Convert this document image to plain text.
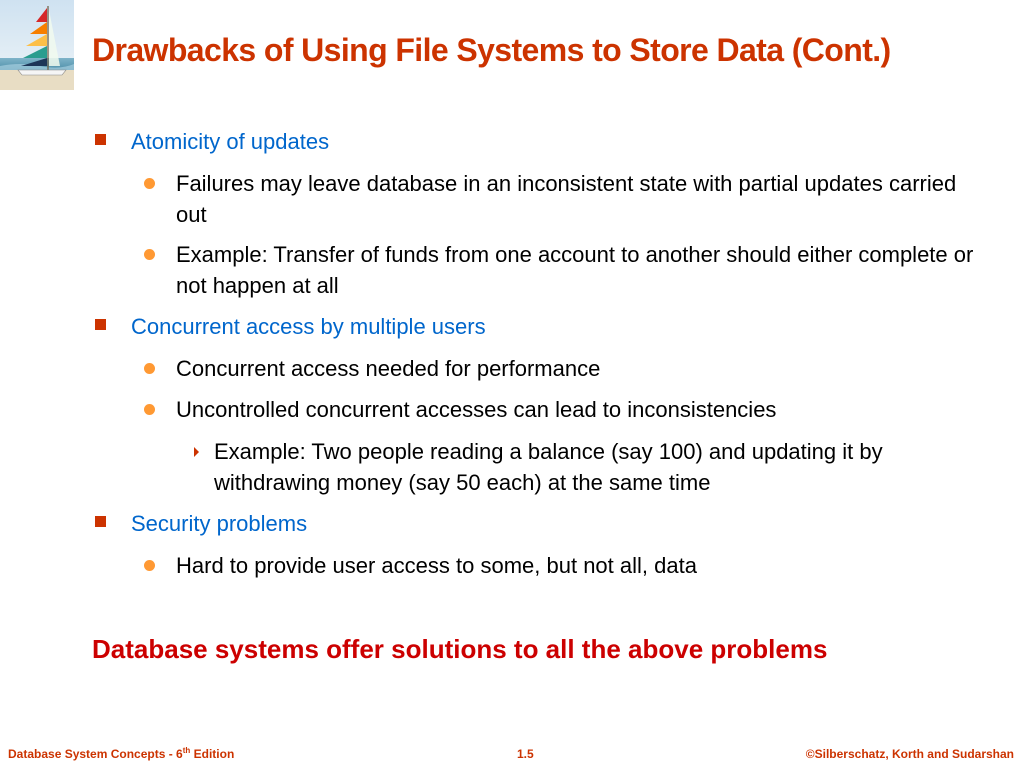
Drawbacks of Using File Systems to Store Data (Cont.)
Atomicity of updates
Failures may leave database in an inconsistent state with partial updates carried out
Example: Transfer of funds from one account to another should either complete or not happen at all
Concurrent access by multiple users
Concurrent access needed for performance
Uncontrolled concurrent accesses can lead to inconsistencies
Example: Two people reading a balance (say 100) and updating it by withdrawing money (say 50 each) at the same time
Security problems
Hard to provide user access to some, but not all, data
Database systems offer solutions to all the above problems
Database System Concepts - 6th Edition	1.5	©Silberschatz, Korth and Sudarshan
